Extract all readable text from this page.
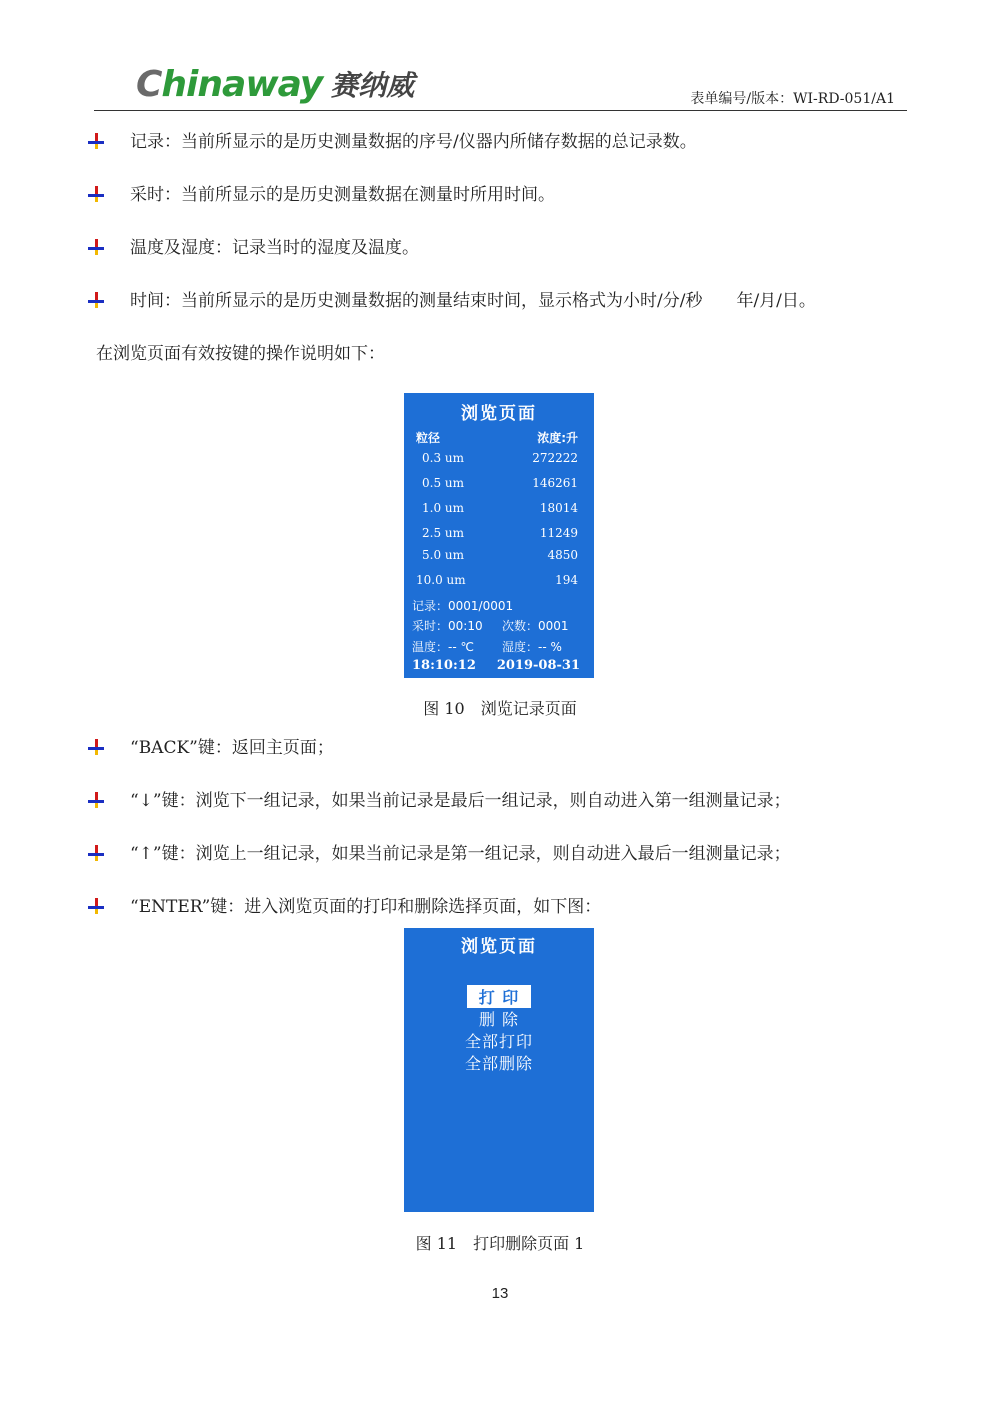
Chinaway 赛纳威	表单编号/版本：WI-RD-051/A1
记录：当前所显示的是历史测量数据的序号/仪器内所储存数据的总记录数。
采时：当前所显示的是历史测量数据在测量时所用时间。
温度及湿度：记录当时的湿度及温度。
时间：当前所显示的是历史测量数据的测量结束时间，显示格式为小时/分/秒　　年/月/日。
在浏览页面有效按键的操作说明如下：
浏览页面
粒径	浓度:升
0.3 um	272222
0.5 um	146261
1.0 um	18014
2.5 um	11249
5.0 um	4850
10.0 um	194
记录：0001/0001
采时：00:10 次数：0001
温度：-- ℃ 湿度：-- %
18:10:12 2019-08-31
图 10　浏览记录页面
“BACK”键：返回主页面；
“↓”键：浏览下一组记录，如果当前记录是最后一组记录，则自动进入第一组测量记录；
“↑”键：浏览上一组记录，如果当前记录是第一组记录，则自动进入最后一组测量记录；
“ENTER”键：进入浏览页面的打印和删除选择页面，如下图：
浏览页面
打 印
删 除
全部打印
全部删除
图 11　打印删除页面 1
13
